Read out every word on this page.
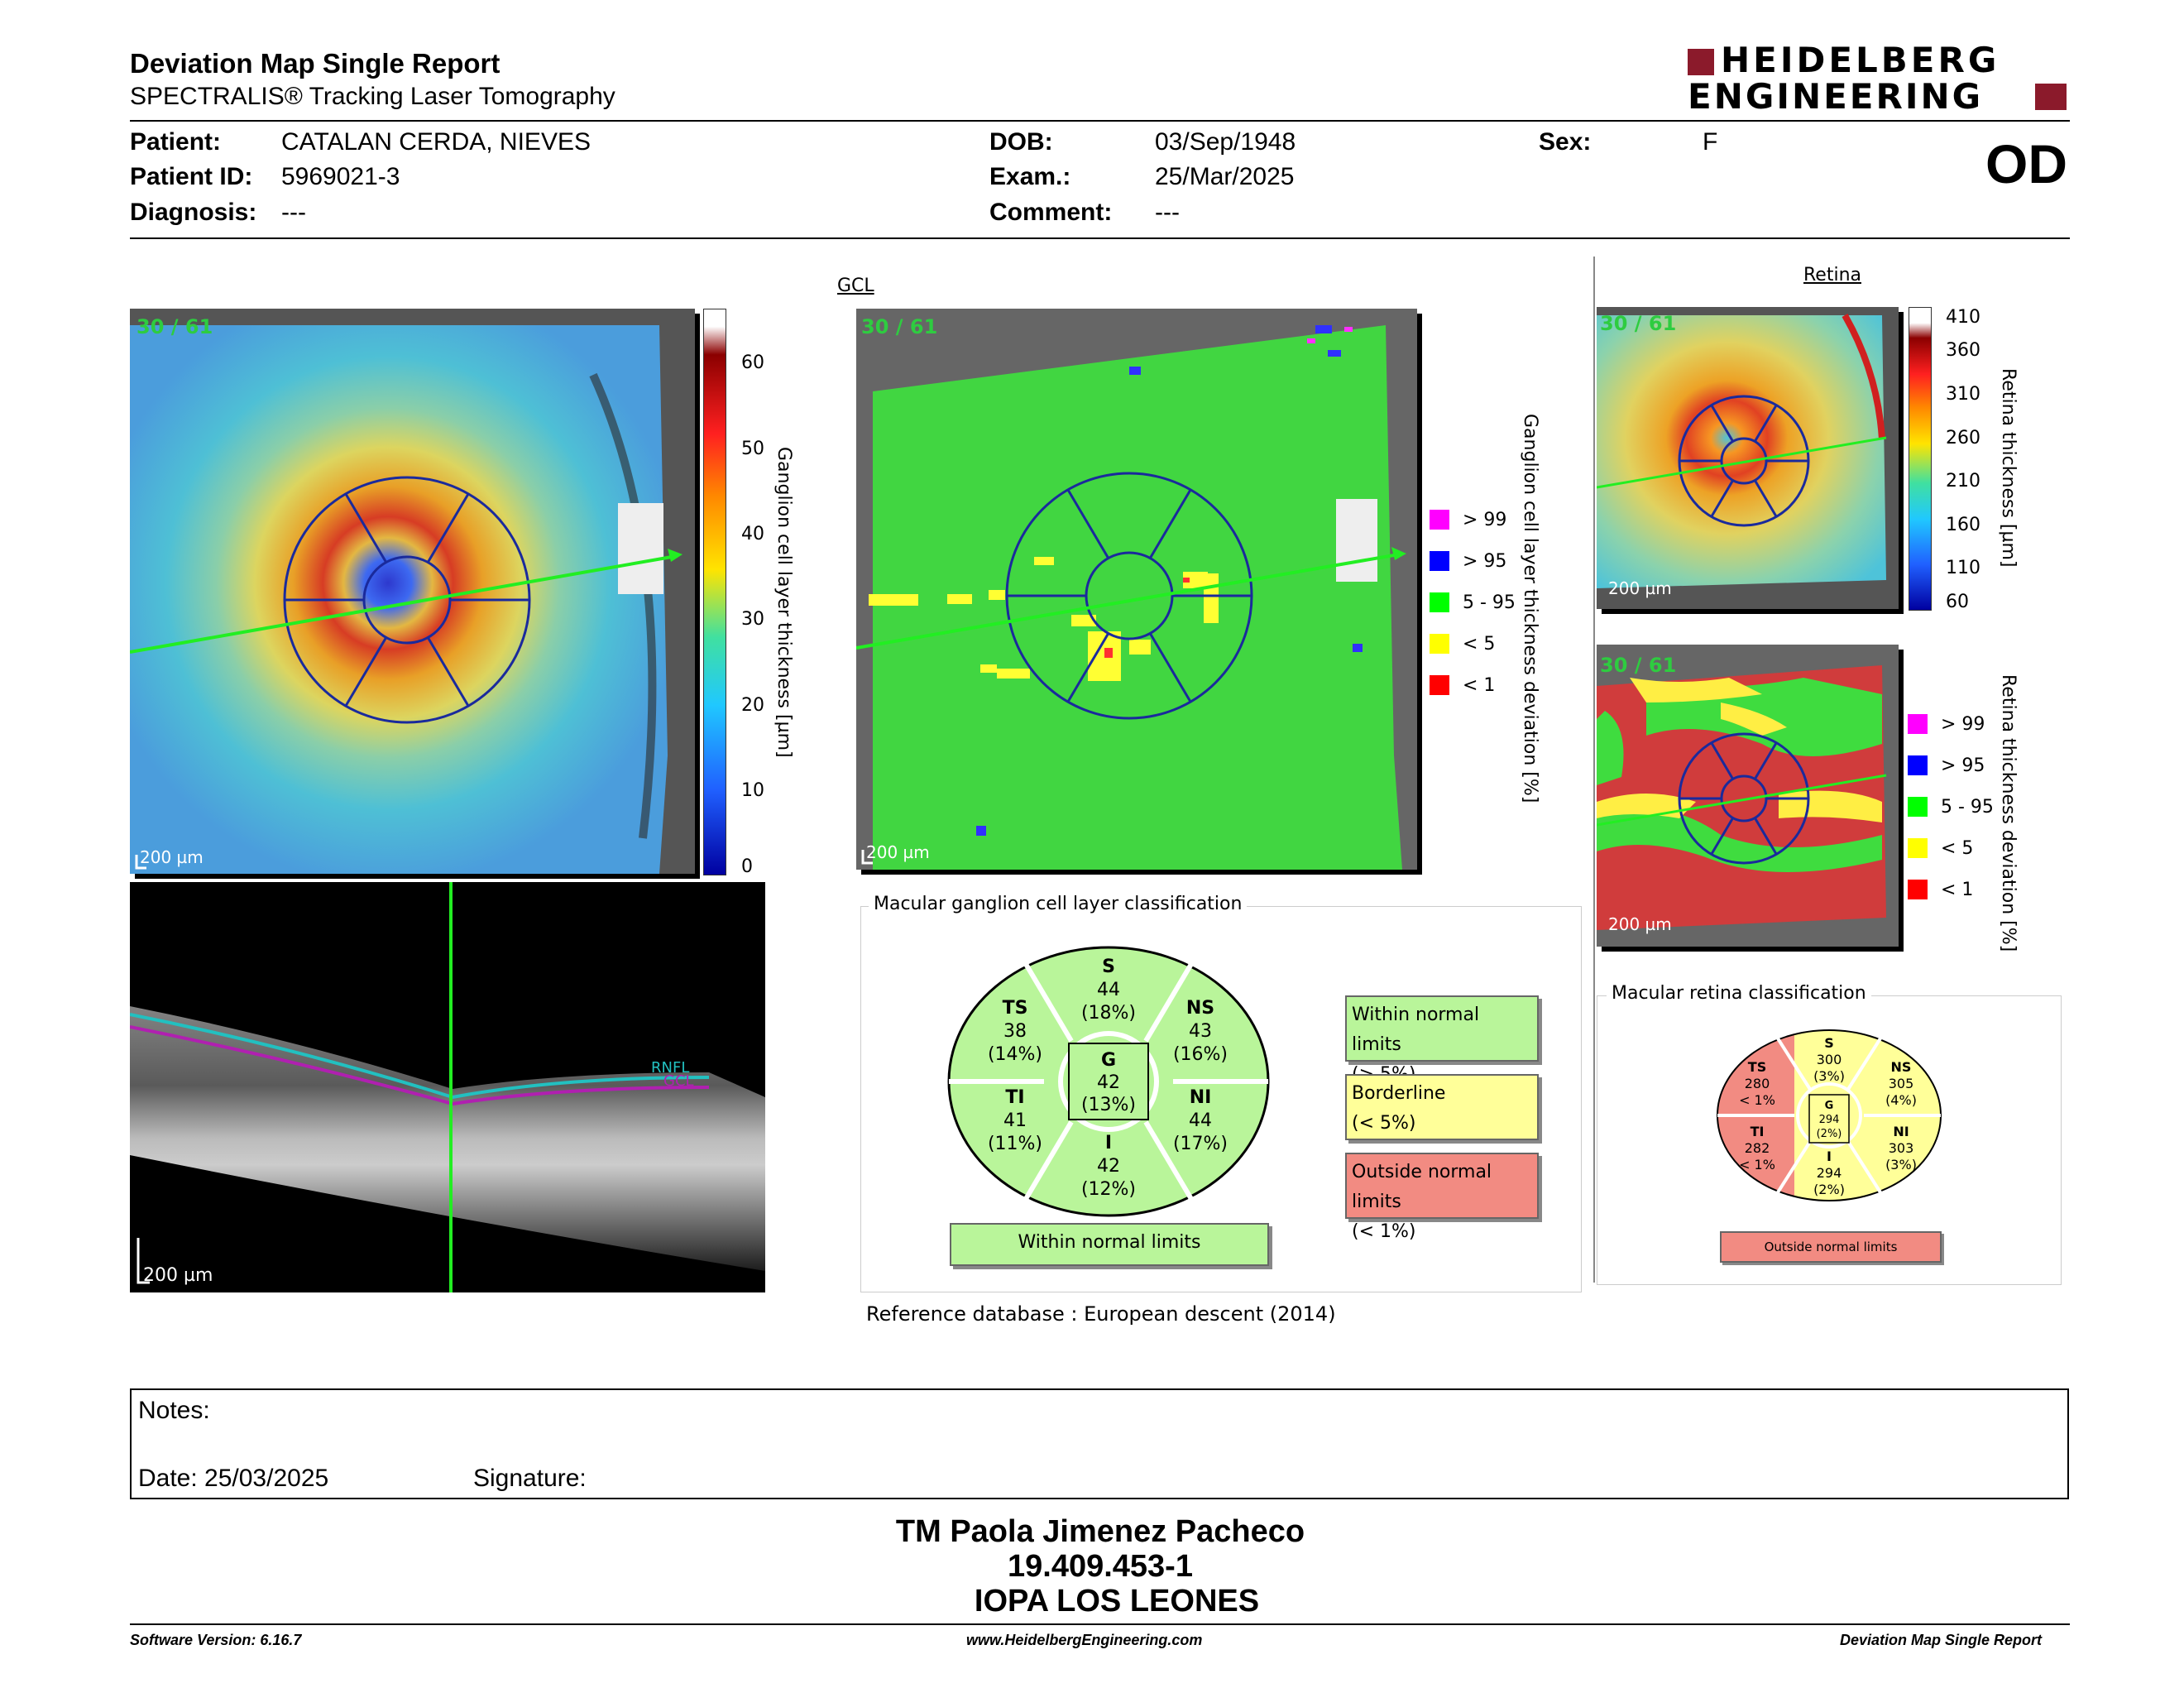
Deviation Map Single Report
SPECTRALIS® Tracking Laser Tomography
HEIDELBERG
ENGINEERING
Patient: CATALAN CERDA, NIEVES
Patient ID: 5969021-3
Diagnosis: ---
DOB:	03/Sep/1948
Exam.:	25/Mar/2025
Comment: ---
Sex:	F	OD
30 / 61
200 µm
60
50
40
30
20
10
0
Ganglion cell layer thickness [µm]
RNFL
GCL
200 µm
GCL
30 / 61
200 µm
Ganglion cell layer thickness deviation [%]
> 99
> 95
5 - 95
< 5
< 1
Macular ganglion cell layer classification
S
44
(18%)
TS
38
(14%)
NS
43
(16%)
G
42
(13%)
TI
41
(11%)
NI
44
(17%)
I
42
(12%)
Within normal limits
Within normal limits
Borderline
(< 5%)
Outside normal limits
(< 1%)
Reference database : European descent (2014)
Retina
30 / 61
200 µm
410
360
310
260
210
160
110
60
Retina thickness [µm]
30 / 61
200 µm
> 99
> 95
5 - 95
< 5
< 1 Retina thickness deviation [%]
Macular retina classification
S
300
(3%)
TS
280
< 1%
NS
305
(4%)
G
294
(2%)
TI
282
< 1%
NI
303
(3%)
I
294
(2%)
Outside normal limits
Notes:
Date: 25/03/2025	Signature:
TM Paola Jimenez Pacheco
19.409.453-1
IOPA LOS LEONES
Software Version: 6.16.7	www.HeidelbergEngineering.com	Deviation Map Single Report
